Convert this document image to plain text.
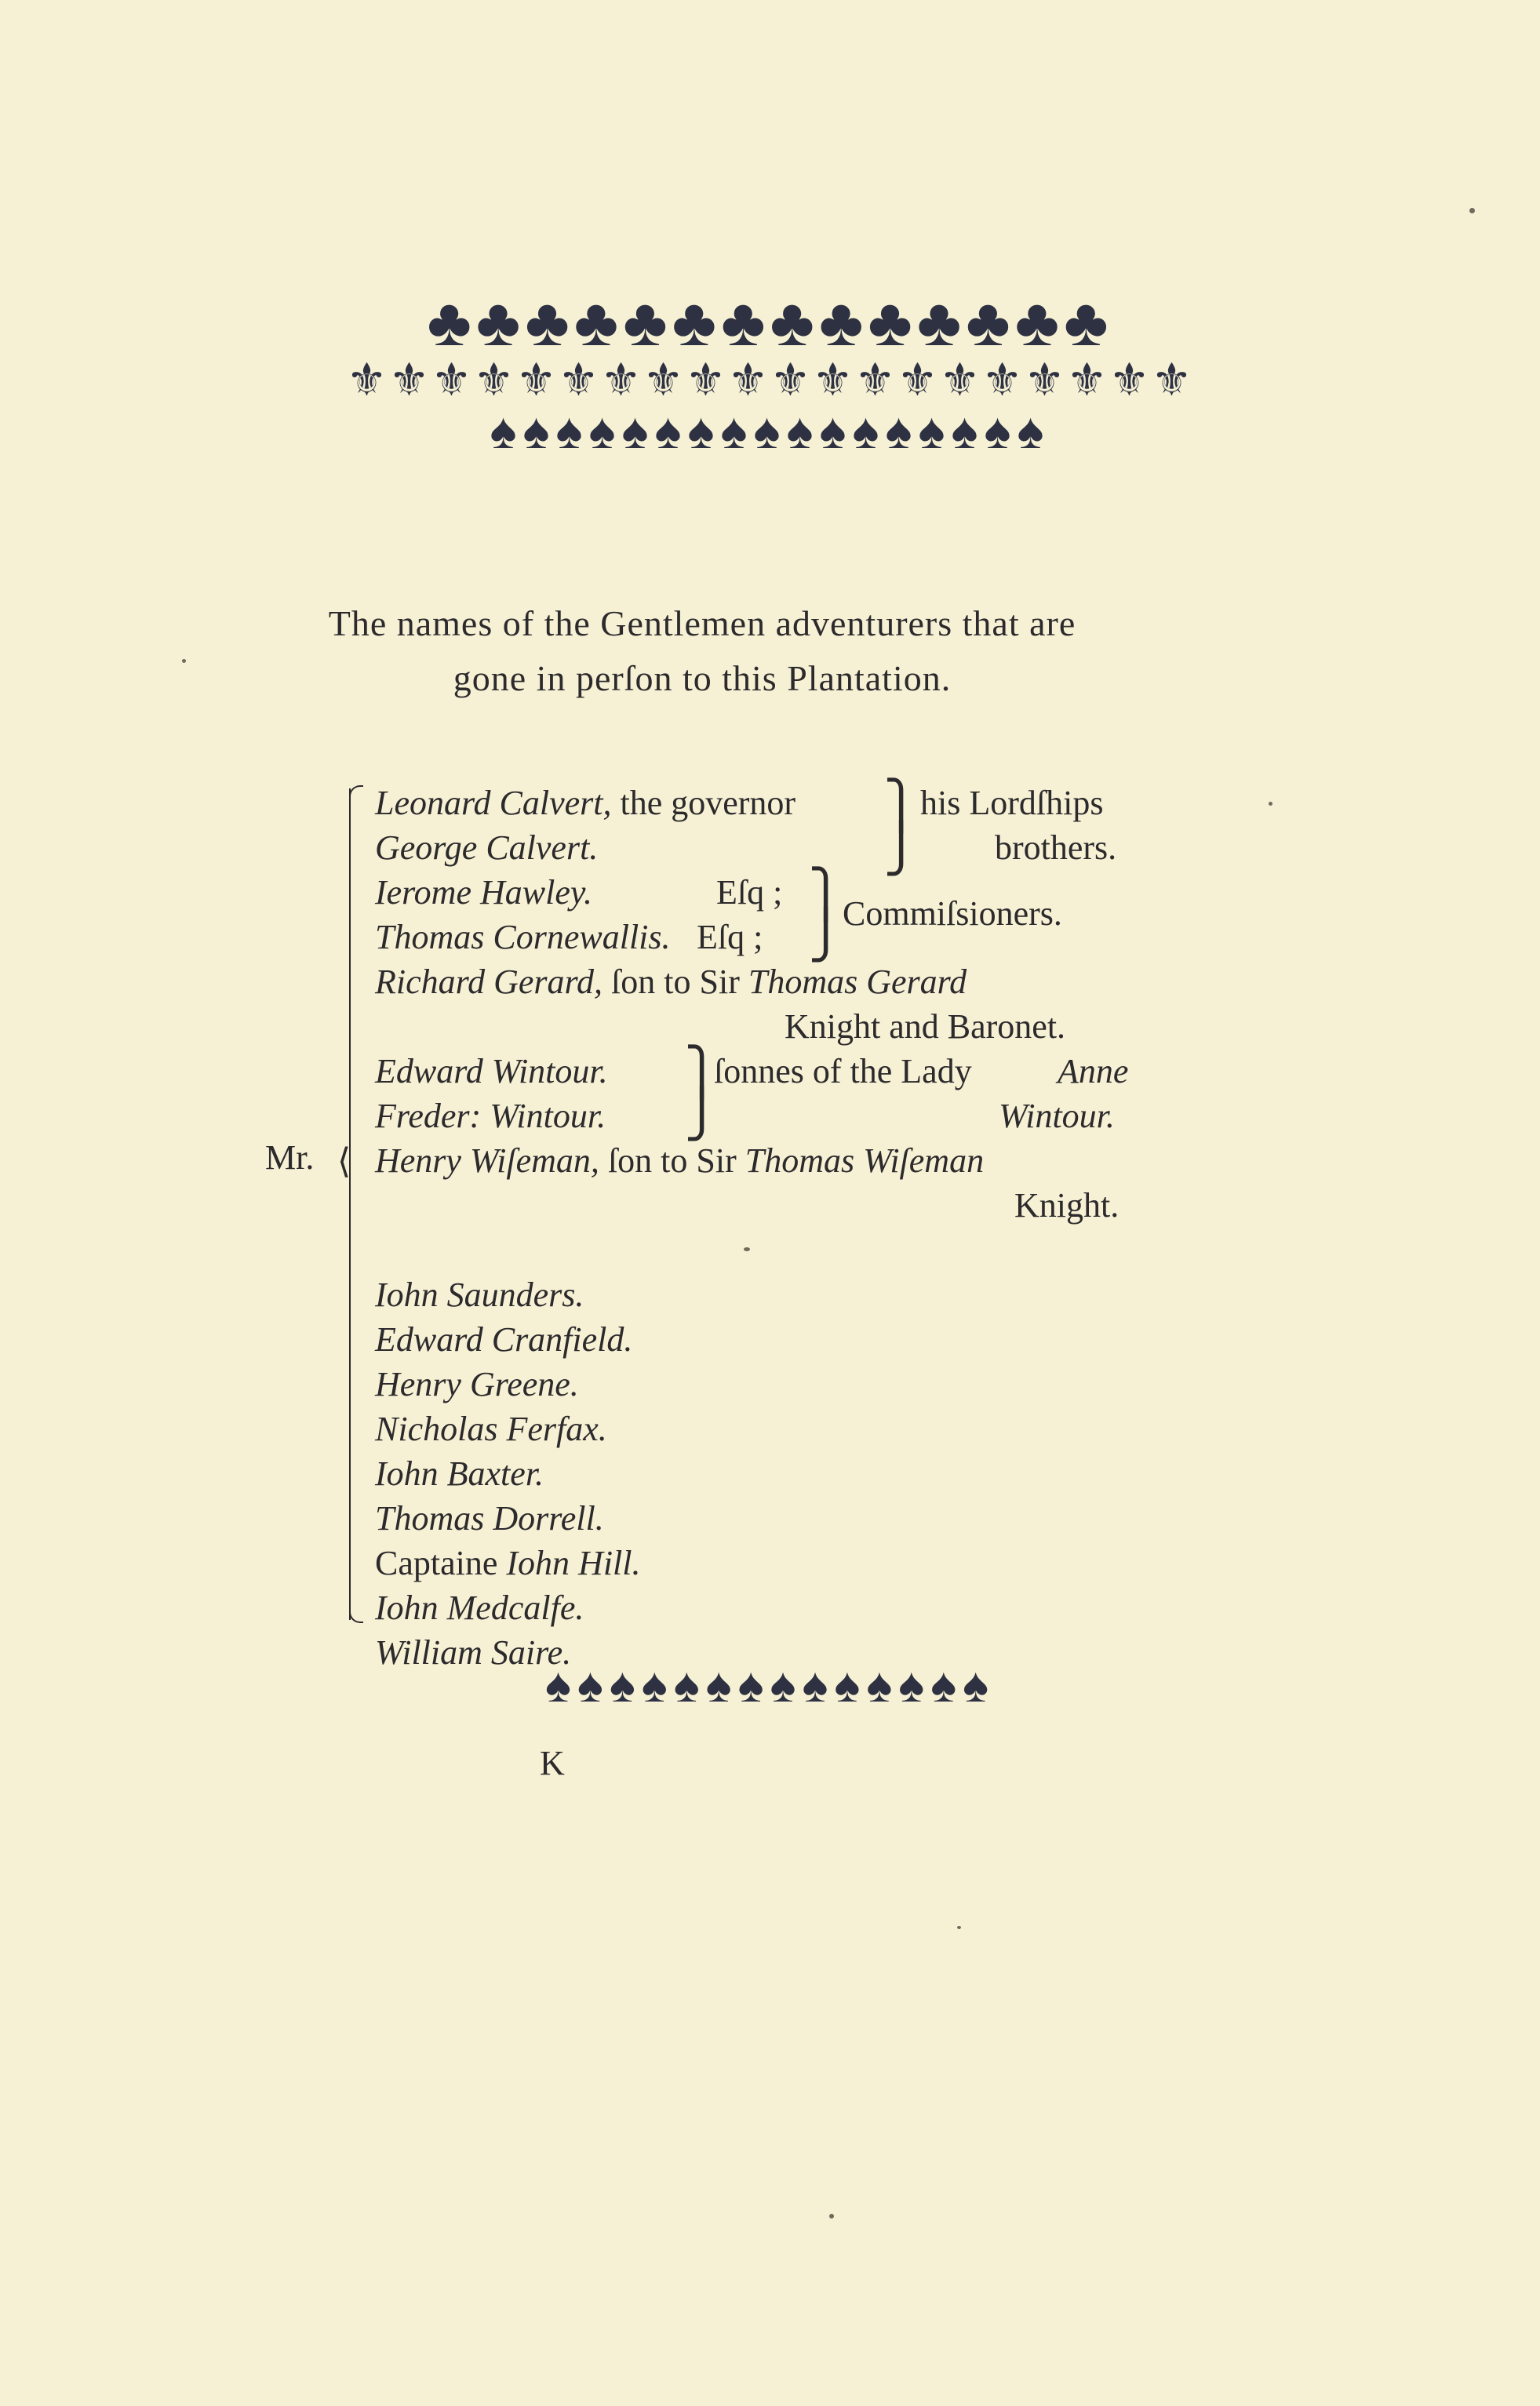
♣♣♣♣♣♣♣♣♣♣♣♣♣♣
⚜⚜⚜⚜⚜⚜⚜⚜⚜⚜⚜⚜⚜⚜⚜⚜⚜⚜⚜⚜
♠♠♠♠♠♠♠♠♠♠♠♠♠♠♠♠♠
The names of the Gentlemen adventurers that are
gone in perſon to this Plantation.
Mr. ⟨
Leonard Calvert, the governor	his Lordſhips
George Calvert.	brothers.
Ierome Hawley.	Eſq ;
Thomas Cornewallis. Eſq ;
Commiſsioners.
Richard Gerard, ſon to Sir Thomas Gerard
Knight and Baronet.
Edward Wintour.	ſonnes of the Lady Anne
Freder: Wintour.	Wintour.
Henry Wiſeman, ſon to Sir Thomas Wiſeman
Knight.
Iohn Saunders.
Edward Cranfield.
Henry Greene.
Nicholas Ferfax.
Iohn Baxter.
Thomas Dorrell.
Captaine Iohn Hill.
Iohn Medcalfe.
William Saire.
⎫
⎭
⎫
⎭
⎫
⎭
♠♠♠♠♠♠♠♠♠♠♠♠♠♠
K
